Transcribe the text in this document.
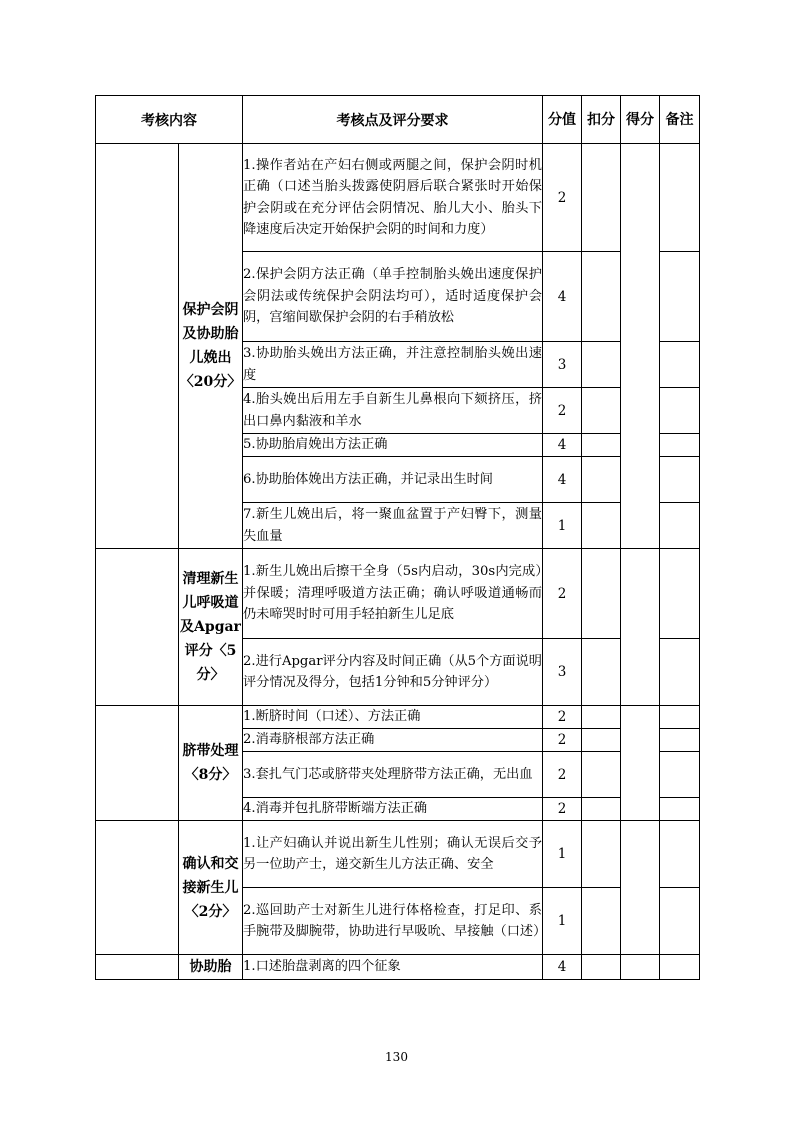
考核内容		考核点及评分要求	分值	扣分	得分	备注
	保护会阴及协助胎儿娩出〈20分〉	1.操作者站在产妇右侧或两腿之间，保护会阴时机正确（口述当胎头拨露使阴唇后联合紧张时开始保护会阴或在充分评估会阴情况、胎儿大小、胎头下降速度后决定开始保护会阴的时间和力度）	2			
		2.保护会阴方法正确（单手控制胎头娩出速度保护会阴法或传统保护会阴法均可），适时适度保护会阴，宫缩间歇保护会阴的右手稍放松	4			
		3.协助胎头娩出方法正确，并注意控制胎头娩出速度	3			
		4.胎头娩出后用左手自新生儿鼻根向下颏挤压，挤出口鼻内黏液和羊水	2			
		5.协助胎肩娩出方法正确	4			
		6.协助胎体娩出方法正确，并记录出生时间	4			
		7.新生儿娩出后，将一聚血盆置于产妇臀下，测量失血量	1			
	清理新生儿呼吸道及Apgar评分〈5分〉	1.新生儿娩出后擦干全身（5s内启动，30s内完成）并保暖；清理呼吸道方法正确；确认呼吸道通畅而仍未啼哭时时可用手轻拍新生儿足底	2			
		2.进行Apgar评分内容及时间正确（从5个方面说明评分情况及得分，包括1分钟和5分钟评分）	3			
	脐带处理〈8分〉	1.断脐时间（口述）、方法正确	2			
		2.消毒脐根部方法正确	2			
		3.套扎气门芯或脐带夹处理脐带方法正确，无出血	2			
		4.消毒并包扎脐带断端方法正确	2			
	确认和交接新生儿〈2分〉	1.让产妇确认并说出新生儿性别；确认无误后交予另一位助产士，递交新生儿方法正确、安全	1			
		2.巡回助产士对新生儿进行体格检查，打足印、系手腕带及脚腕带，协助进行早吸吮、早接触（口述）	1			
	协助胎	1.口述胎盘剥离的四个征象	4			
130
